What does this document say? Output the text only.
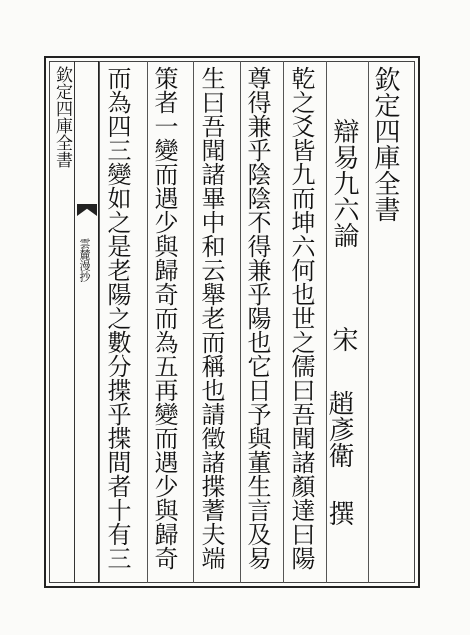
欽定四庫全書
雲麓漫抄
欽定四庫全書
辯易九六論
宋
趙彥衛
撰
乾之爻皆九而坤六何也世之儒曰吾聞諸顏達曰陽
尊得兼乎陰陰不得兼乎陽也它日予與董生言及易
生曰吾聞諸畢中和云舉老而稱也請徵諸揲蓍夫端
策者一變而遇少與歸奇而為五再變而遇少與歸奇
而為四三變如之是老陽之數分揲乎揲間者十有三
